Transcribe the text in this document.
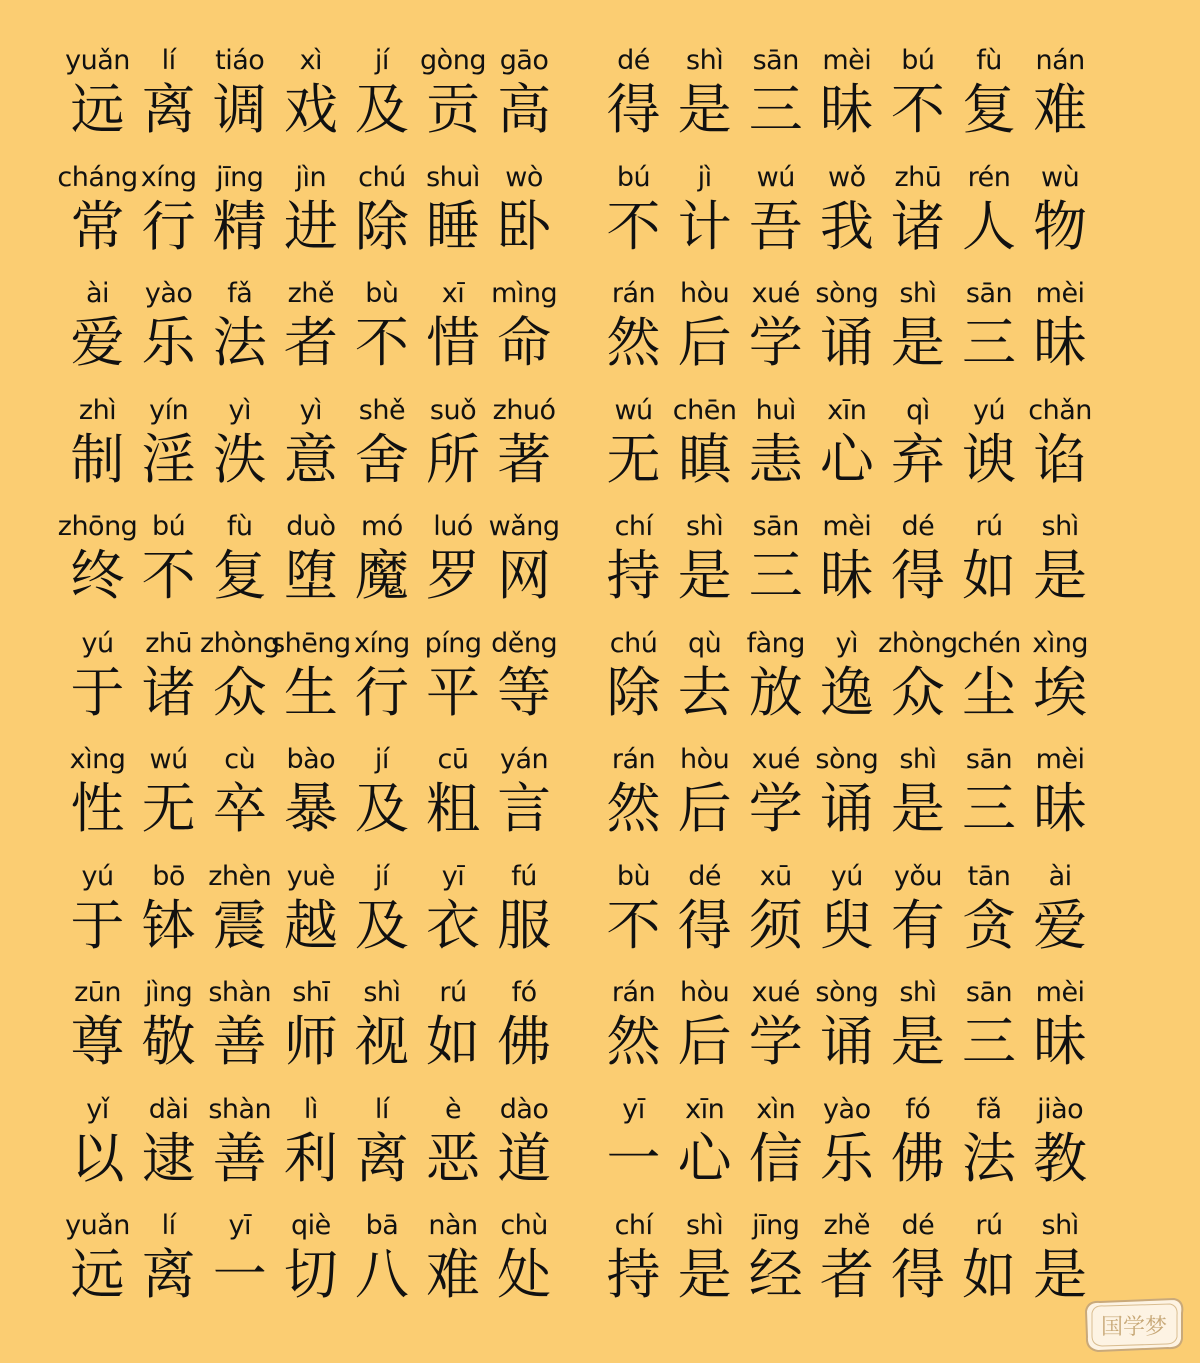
yuǎn
远
lí
离
tiáo
调
xì
戏
jí
及
gòng
贡
gāo
高
dé
得
shì
是
sān
三
mèi
昧
bú
不
fù
复
nán
难
cháng
常
xíng
行
jīng
精
jìn
进
chú
除
shuì
睡
wò
卧
bú
不
jì
计
wú
吾
wǒ
我
zhū
诸
rén
人
wù
物
ài
爱
yào
乐
fǎ
法
zhě
者
bù
不
xī
惜
mìng
命
rán
然
hòu
后
xué
学
sòng
诵
shì
是
sān
三
mèi
昧
zhì
制
yín
淫
yì
泆
yì
意
shě
舍
suǒ
所
zhuó
著
wú
无
chēn
瞋
huì
恚
xīn
心
qì
弃
yú
谀
chǎn
谄
zhōng
终
bú
不
fù
复
duò
堕
mó
魔
luó
罗
wǎng
网
chí
持
shì
是
sān
三
mèi
昧
dé
得
rú
如
shì
是
yú
于
zhū
诸
zhòng
众
shēng
生
xíng
行
píng
平
děng
等
chú
除
qù
去
fàng
放
yì
逸
zhòng
众
chén
尘
xìng
埃
xìng
性
wú
无
cù
卒
bào
暴
jí
及
cū
粗
yán
言
rán
然
hòu
后
xué
学
sòng
诵
shì
是
sān
三
mèi
昧
yú
于
bō
钵
zhèn
震
yuè
越
jí
及
yī
衣
fú
服
bù
不
dé
得
xū
须
yú
臾
yǒu
有
tān
贪
ài
爱
zūn
尊
jìng
敬
shàn
善
shī
师
shì
视
rú
如
fó
佛
rán
然
hòu
后
xué
学
sòng
诵
shì
是
sān
三
mèi
昧
yǐ
以
dài
逮
shàn
善
lì
利
lí
离
è
恶
dào
道
yī
一
xīn
心
xìn
信
yào
乐
fó
佛
fǎ
法
jiào
教
yuǎn
远
lí
离
yī
一
qiè
切
bā
八
nàn
难
chù
处
chí
持
shì
是
jīng
经
zhě
者
dé
得
rú
如
shì
是
国学梦
